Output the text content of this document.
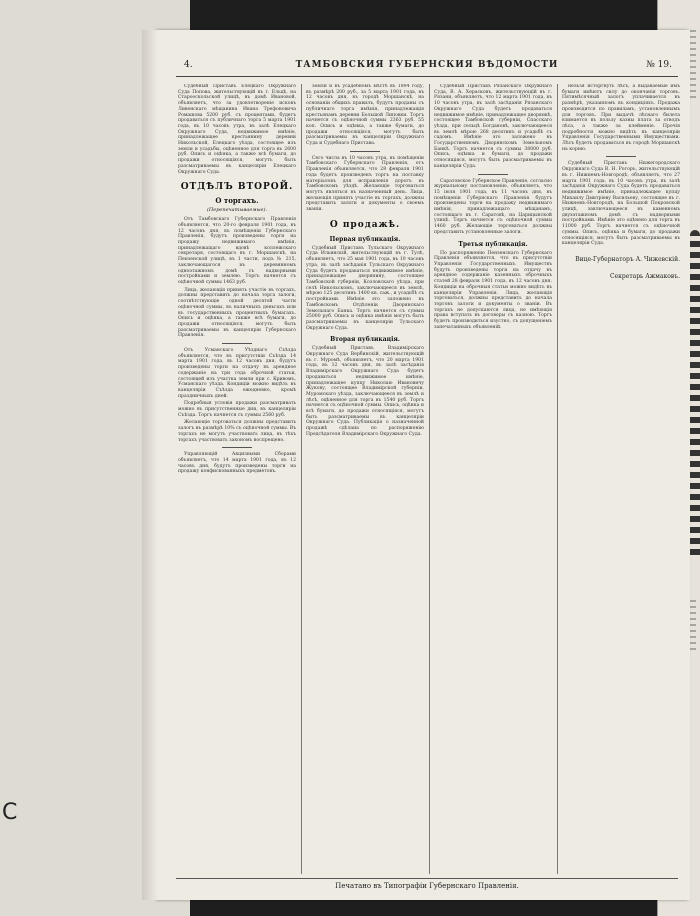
С
4.	ТАМБОВСКИЯ ГУБЕРНСКИЯ ВѢДОМОСТИ	№ 19.

Судебный Приставъ Елецкаго Окружнаго Суда Попова, жительствующій въ г. Ельцѣ, на Старооскольской улицѣ, въ домѣ Ивановой, объявляетъ, что за удовлетвореніе исковъ Ливенскаго мѣщанина Ивана Трефоновича Ромашова 5200 руб. съ процентами, будетъ продаваться съ публичнаго торга 5 марта 1901 года, въ 10 часовъ утра, въ залѣ Елецкаго Окружнаго Суда, недвижимое имѣніе, принадлежащее крестьянину деревни Никольской, Елецкаго уѣзда, состоящее изъ земли и усадьбы, оцѣненное для торга въ 2600 руб. Опись и оцѣнка, а также всѣ бумаги, до продажи относящіяся, могутъ быть разсматриваемы въ канцеляріи Елецкаго Окружнаго Суда.

ОТДѢЛЪ ВТОРОЙ.
О торгахъ.
(Перепечатываемые).

Отъ Тамбовскаго Губернскаго Правленія объявляется, что 20-го февраля 1901 года, въ 12 часовъ дня, въ помѣщеніи Губернскаго Правленія, будутъ произведены торги на продажу недвижимаго имѣнія, принадлежащаго вдовѣ коллежскаго секретаря, состоящаго въ г. Моршанскѣ, на Пензенской улицѣ, въ 1 части, подъ № 215, заключающагося въ деревянномъ одноэтажномъ домѣ съ надворными постройками и землею. Торгъ начнется съ оцѣночной суммы 1463 руб.

Лица, желающія принять участіе въ торгахъ, должны представить до начала торга залоги, соотвѣтствующіе одной десятой части оцѣночной суммы, въ наличныхъ деньгахъ или въ государственныхъ процентныхъ бумагахъ. Опись и оцѣнка, а также всѣ бумаги, до продажи относящіяся, могутъ быть разсматриваемы въ канцеляріи Губернскаго Правленія.

Отъ Усманскаго Уѣзднаго Съѣзда объявляется, что въ присутствіи Съѣзда 14 марта 1901 года, въ 12 часовъ дня, будутъ произведены торги на отдачу въ арендное содержаніе на три года оброчной статьи, состоящей изъ участка земли при с. Кривомъ, Усманскаго уѣзда. Кондиціи можно видѣть въ канцеляріи Съѣзда ежедневно, кромѣ праздничныхъ дней.

Подробныя условія продажи разсматривать можно въ присутственные дни, въ канцеляріи Съѣзда. Торгъ начнется съ суммы 2560 руб.

Желающіе торговаться должны представить залогъ въ размѣрѣ 10% съ оцѣночной суммы. Въ торгахъ не могутъ участвовать лица, въ тѣхъ торгахъ участвовать закономъ воспрещено.

Управляющій Акцизными Сборами объявляетъ, что 14 марта 1901 года, въ 12 часовъ дня, будутъ произведены торги на продажу конфискованныхъ предметовъ.

земли и въ усадебномъ мѣстѣ въ 1894 году, въ размѣрѣ 200 руб., за 5 марта 1901 года, въ 12 часовъ дня, въ городѣ Моршанскѣ, на основаніи общихъ правилъ, будутъ проданы съ публичнаго торга имѣнія, принадлежащія крестьянамъ деревни Большой Липовки. Торгъ начнется съ оцѣночной суммы 2363 руб. 55 коп. Опись и оцѣнка, а также бумаги, до продажи относящіяся, могутъ быть разсматриваемы въ канцеляріи Окружнаго Суда и Судебнаго Пристава.

Сего числа въ 10 часовъ утра, въ помѣщеніи Тамбовскаго Губернскаго Правленія, отъ Правленія объявляется, что 28 февраля 1901 года будетъ произведенъ торгъ на поставку матеріаловъ для исправленія дорогъ въ Тамбовскомъ уѣздѣ. Желающіе торговаться могутъ являться въ назначенный день. Лица, желающія принять участіе въ торгахъ, должны представить залоги и документы о своемъ званіи.

О продажѣ.
Первая публикація.

Судебный Приставъ Тульскаго Окружнаго Суда Ильинскій, жительствующій въ г. Тулѣ, объявляетъ, что 25 мая 1901 года, въ 10 часовъ утра, въ залѣ засѣданія Тульскаго Окружнаго Суда будетъ продаваться недвижимое имѣніе, принадлежащее дворянину, состоящее Тамбовской губерніи, Козловскаго уѣзда, при селѣ Никольскомъ, заключающееся въ землѣ, мѣрою 125 десятинъ 1400 кв. саж., и усадьбѣ съ постройками. Имѣніе это заложено въ Тамбовскомъ Отдѣленіи Дворянскаго Земельнаго Банка. Торгъ начнется съ суммы 25000 руб. Опись и оцѣнка имѣнія могутъ быть разсматриваемы въ канцеляріи Тульскаго Окружнаго Суда.

Вторая публикація.

Судебный Приставъ Владимірскаго Окружнаго Суда Вербинскій, жительствующій въ г. Муромѣ, объявляетъ, что 20 марта 1901 года, въ 12 часовъ дня, въ залѣ засѣданія Владимірскаго Окружнаго Суда будетъ продаваться недвижимое имѣніе, принадлежащее купцу Николаю Ивановичу Жукову, состоящее Владимірской губерніи, Муромскаго уѣзда, заключающееся въ землѣ и лѣсѣ, оцѣненное для торга въ 1540 руб. Торгъ начнется съ оцѣночной суммы. Опись, оцѣнка и всѣ бумаги, до продажи относящіяся, могутъ быть разсматриваемы въ канцеляріи Окружнаго Суда. Публикація о назначенной продажѣ сдѣлана по распоряженію Предсѣдателя Владимірскаго Окружнаго Суда.

Судебный Приставъ Рязанскаго Окружнаго Суда, В. А. Херасковъ, жительствующій въ г. Рязани, объявляетъ, что 12 марта 1901 года, въ 10 часовъ утра, въ залѣ засѣданія Рязанскаго Окружнаго Суда будетъ продаваться недвижимое имѣніе, принадлежащее дворянкѣ, состоящее Тамбовской губерніи, Спасскаго уѣзда, при сельцѣ Богдановѣ, заключающееся въ землѣ мѣрою 268 десятинъ и усадьбѣ съ садомъ. Имѣніе это заложено въ Государственномъ Дворянскомъ Земельномъ Банкѣ. Торгъ начнется съ суммы 38000 руб. Опись, оцѣнка и бумаги, до продажи относящіяся, могутъ быть разсматриваемы въ канцеляріи Суда.

Саратовское Губернское Правленіе, согласно журнальному постановленію, объявляетъ, что 15 іюля 1901 года, въ 11 часовъ дня, въ помѣщеніи Губернскаго Правленія будутъ произведены торги на продажу недвижимаго имѣнія, принадлежащаго мѣщанамъ, состоящаго въ г. Саратовѣ, на Царицынской улицѣ. Торгъ начнется съ оцѣночной суммы 1460 руб. Желающіе торговаться должны представить установленные залоги.

Третья публикація.

По распоряженію Пензенскаго Губернскаго Правленія объявляется, что въ присутствіи Управленія Государственныхъ Имуществъ будутъ произведены торги на отдачу въ арендное содержаніе казенныхъ оброчныхъ статей 28 февраля 1901 года, въ 12 часовъ дня. Кондиціи на оброчныя статьи можно видѣть въ канцеляріи Управленія. Лица, желающія торговаться, должны представить до начала торговъ залоги и документы о званіи. Въ торгахъ не допускаются лица, не имѣющія права вступать въ договоры съ казною. Торгъ будетъ производиться изустно, съ допущеніемъ запечатанныхъ объявленій.

нельзя исторгнуть лѣсъ, а выдаваемые имъ бумаги имѣютъ силу до окончанія торговъ. Пятимѣсячный залогъ уплачивается въ размѣрѣ, указанномъ въ кондиціяхъ. Продажа производится по правиламъ, установленнымъ для торговъ. При выдачѣ лѣснаго билета взимается въ пользу казны плата за отводъ лѣса, а также за клейменіе. Прочія подробности можно видѣть въ канцеляріи Управленія Государственными Имуществами. Лѣсъ будетъ продаваться въ городѣ Моршанскѣ на корню.

Судебный Приставъ Нижегородскаго Окружнаго Суда В. Н. Рогоръ, жительствующій въ г. Нижнемъ-Новгородѣ, объявляетъ, что 27 марта 1901 года, въ 10 часовъ утра, въ залѣ засѣданія Окружнаго Суда будетъ продаваться недвижимое имѣніе, принадлежащее купцу Михаилу Дмитріеву Васильеву, состоящее въ г. Нижнемъ-Новгородѣ, на Большой Покровской улицѣ, заключающееся въ каменномъ двухэтажномъ домѣ съ надворными постройками. Имѣніе это оцѣнено для торга въ 11000 руб. Торгъ начнется съ оцѣночной суммы. Опись, оцѣнка и бумаги, до продажи относящіяся, могутъ быть разсматриваемы въ канцеляріи Суда.

Вице-Губернаторъ А. Чижевскій.
Секретарь Ажмаковъ.
Печатано въ Типографіи Губернскаго Правленія.
